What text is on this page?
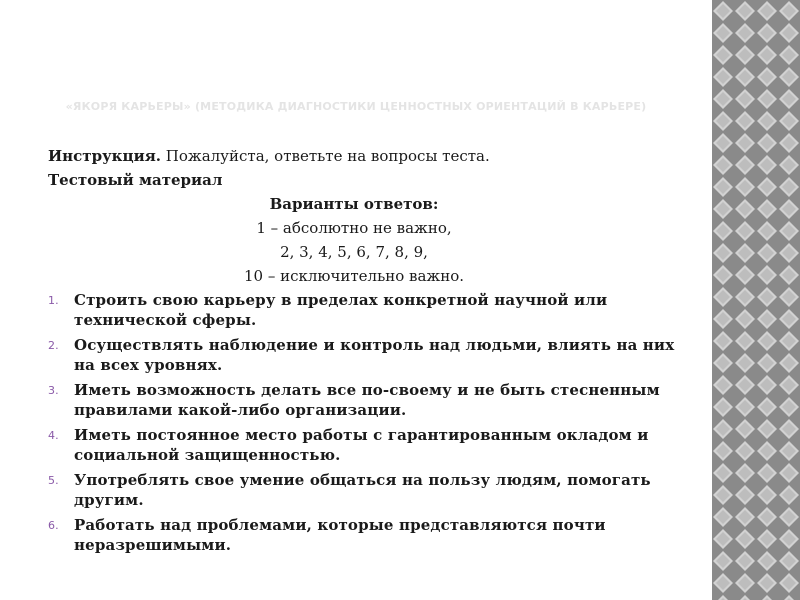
«ЯКОРЯ КАРЬЕРЫ» (МЕТОДИКА ДИАГНОСТИКИ ЦЕННОСТНЫХ ОРИЕНТАЦИЙ В КАРЬЕРЕ)

Инструкция. Пожалуйста, ответьте на вопросы теста.

Тестовый материал

Варианты ответов:

1 – абсолютно не важно,

2, 3, 4, 5, 6, 7, 8, 9,

10 – исключительно важно.

1. Строить свою карьеру в пределах конкретной научной или технической сферы.
2. Осуществлять наблюдение и контроль над людьми, влиять на них на всех уровнях.
3. Иметь возможность делать все по-своему и не быть стесненным правилами какой-либо организации.
4. Иметь постоянное место работы с гарантированным окладом и социальной защищенностью.
5. Употреблять свое умение общаться на пользу людям, помогать другим.
6. Работать над проблемами, которые представляются почти неразрешимыми.
